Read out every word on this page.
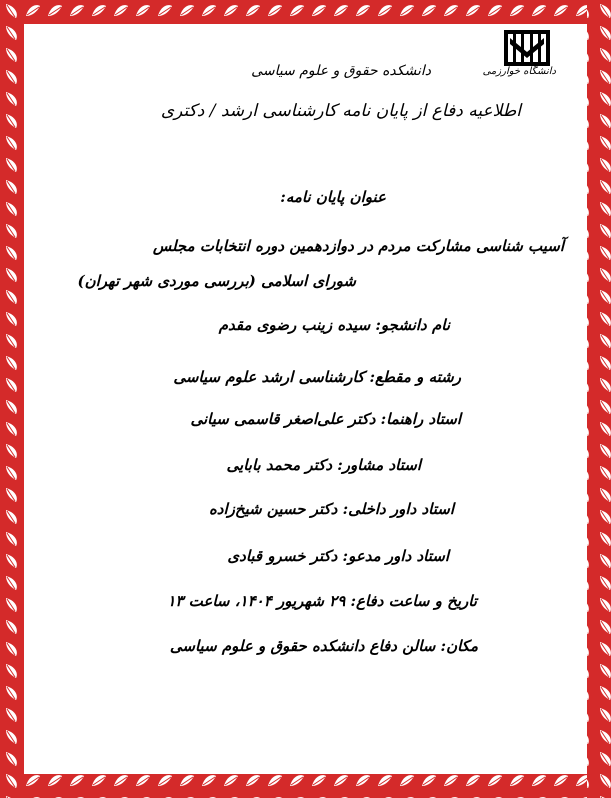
دانشگاه خوارزمی
دانشکده حقوق و علوم سیاسی
اطلاعیه دفاع از پایان نامه کارشناسی ارشد / دکتری
عنوان پایان نامه:
آسیب شناسی مشارکت مردم در دوازدهمین دوره انتخابات مجلس
شورای اسلامی (بررسی موردی شهر تهران)
نام دانشجو: سیده زینب رضوی مقدم
رشته و مقطع: کارشناسی ارشد علوم سیاسی
استاد راهنما: دکتر علی‌اصغر قاسمی سیانی
استاد مشاور: دکتر محمد بابایی
استاد داور داخلی: دکتر حسین شیخ‌زاده
استاد داور مدعو: دکتر خسرو قبادی
تاریخ و ساعت دفاع: ۲۹ شهریور ۱۴۰۴، ساعت ۱۳
مکان: سالن دفاع دانشکده حقوق و علوم سیاسی
